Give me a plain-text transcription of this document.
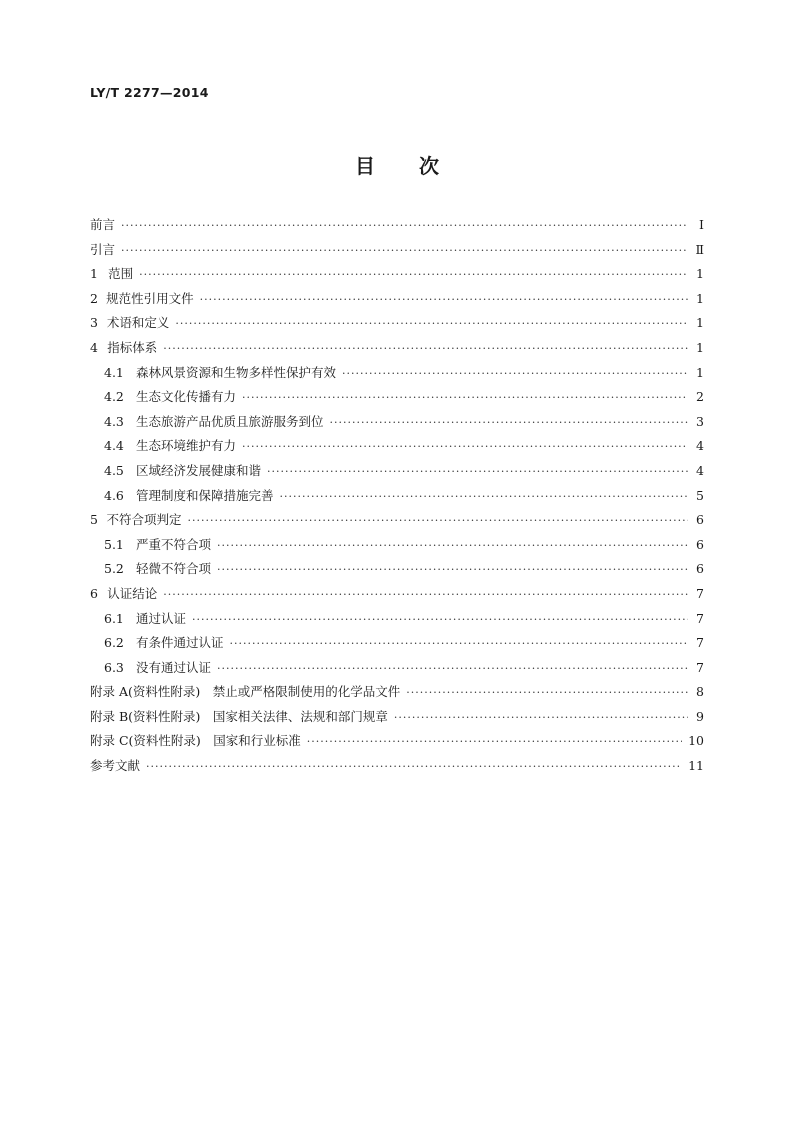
LY/T 2277—2014
目 次
前言 ·····	Ⅰ
引言 ·····	Ⅱ
1 范围 ·····	1
2 规范性引用文件 ·····	1
3 术语和定义 ·····	1
4 指标体系 ·····	1
4.1 森林风景资源和生物多样性保护有效 ·····	1
4.2 生态文化传播有力 ·····	2
4.3 生态旅游产品优质且旅游服务到位 ·····	3
4.4 生态环境维护有力 ·····	4
4.5 区域经济发展健康和谐 ·····	4
4.6 管理制度和保障措施完善 ·····	5
5 不符合项判定 ·····	6
5.1 严重不符合项 ·····	6
5.2 轻微不符合项 ·····	6
6 认证结论 ·····	7
6.1 通过认证 ·····	7
6.2 有条件通过认证 ·····	7
6.3 没有通过认证 ·····	7
附录 A(资料性附录)　禁止或严格限制使用的化学品文件 ·····	8
附录 B(资料性附录)　国家相关法律、法规和部门规章 ·····	9
附录 C(资料性附录)　国家和行业标准 ·····	10
参考文献 ·····	11
